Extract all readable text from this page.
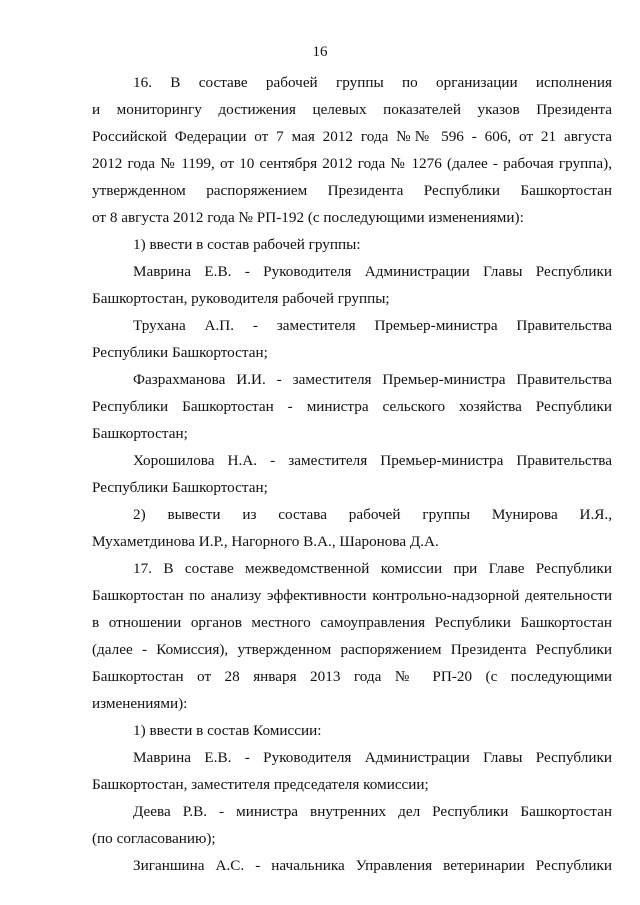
16
16. В составе рабочей группы по организации исполнения
и мониторингу достижения целевых показателей указов Президента
Российской Федерации от 7 мая 2012 года №№ 596 - 606, от 21 августа
2012 года № 1199, от 10 сентября 2012 года № 1276 (далее - рабочая группа),
утвержденном распоряжением Президента Республики Башкортостан
от 8 августа 2012 года № РП-192 (с последующими изменениями):
1) ввести в состав рабочей группы:
Маврина Е.В. - Руководителя Администрации Главы Республики
Башкортостан, руководителя рабочей группы;
Трухана А.П. - заместителя Премьер-министра Правительства
Республики Башкортостан;
Фазрахманова И.И. - заместителя Премьер-министра Правительства
Республики Башкортостан - министра сельского хозяйства Республики
Башкортостан;
Хорошилова Н.А. - заместителя Премьер-министра Правительства
Республики Башкортостан;
2) вывести из состава рабочей группы Мунирова И.Я.,
Мухаметдинова И.Р., Нагорного В.А., Шаронова Д.А.
17. В составе межведомственной комиссии при Главе Республики
Башкортостан по анализу эффективности контрольно-надзорной деятельности
в отношении органов местного самоуправления Республики Башкортостан
(далее - Комиссия), утвержденном распоряжением Президента Республики
Башкортостан от 28 января 2013 года № РП-20 (с последующими
изменениями):
1) ввести в состав Комиссии:
Маврина Е.В. - Руководителя Администрации Главы Республики
Башкортостан, заместителя председателя комиссии;
Деева Р.В. - министра внутренних дел Республики Башкортостан
(по согласованию);
Зиганшина А.С. - начальника Управления ветеринарии Республики
